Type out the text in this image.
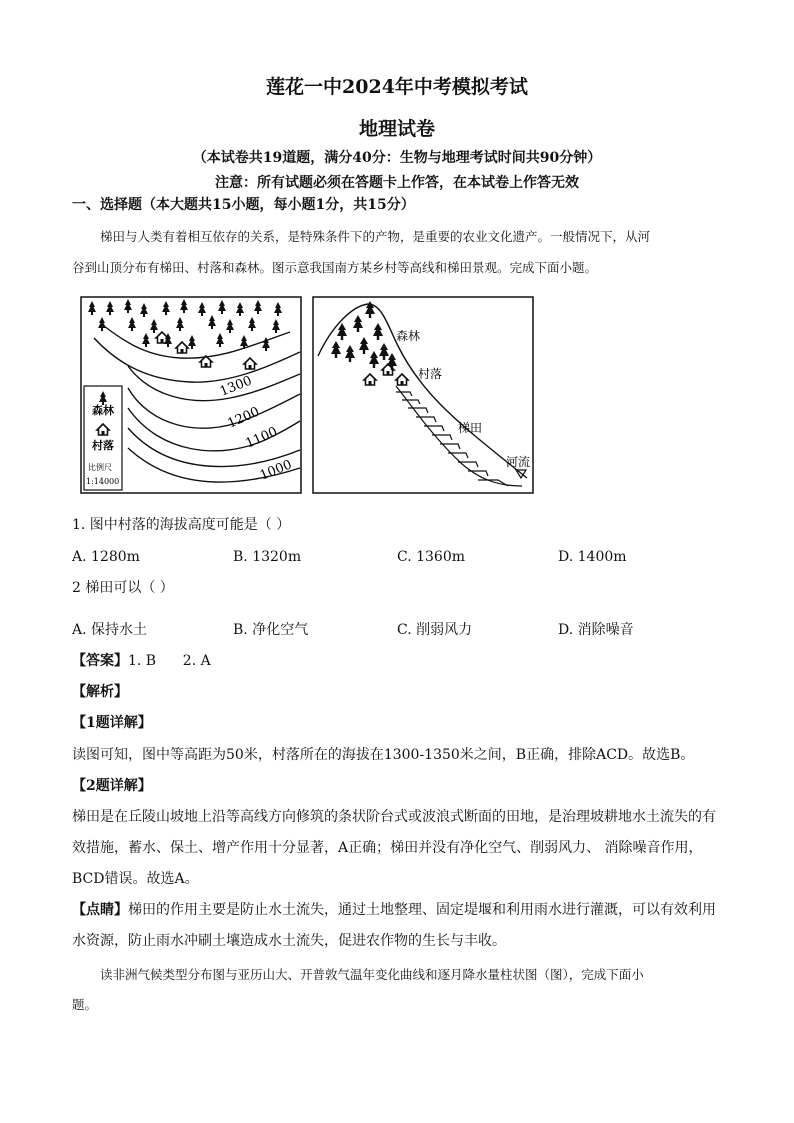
莲花一中2024年中考模拟考试
地理试卷
（本试卷共19道题，满分40分：生物与地理考试时间共90分钟）
注意：所有试题必须在答题卡上作答，在本试卷上作答无效
一、选择题（本大题共15小题，每小题1分，共15分）
梯田与人类有着相互依存的关系，是特殊条件下的产物，是重要的农业文化遗产。一般情况下，从河
谷到山顶分布有梯田、村落和森林。图示意我国南方某乡村等高线和梯田景观。完成下面小题。
1300
1200
1100
1000
森林
村落
比例尺
1:14000
森林
村落
梯田
河流
1. 图中村落的海拔高度可能是（ ）
A. 1280m	B. 1320m	C. 1360m	D. 1400m
2 梯田可以（ ）
A. 保持水土	B. 净化空气	C. 削弱风力	D. 消除噪音
【答案】1. B      2. A
【解析】
【1题详解】
读图可知，图中等高距为50米，村落所在的海拔在1300-1350米之间，B正确，排除ACD。故选B。
【2题详解】
梯田是在丘陵山坡地上沿等高线方向修筑的条状阶台式或波浪式断面的田地，是治理坡耕地水土流失的有
效措施，蓄水、保土、增产作用十分显著，A正确；梯田并没有净化空气、削弱风力、 消除噪音作用，
BCD错误。故选A。
【点睛】梯田的作用主要是防止水土流失，通过土地整理、固定堤堰和利用雨水进行灌溉，可以有效利用
水资源，防止雨水冲刷土壤造成水土流失，促进农作物的生长与丰收。
读非洲气候类型分布图与亚历山大、开普敦气温年变化曲线和逐月降水量柱状图（图），完成下面小
题。
